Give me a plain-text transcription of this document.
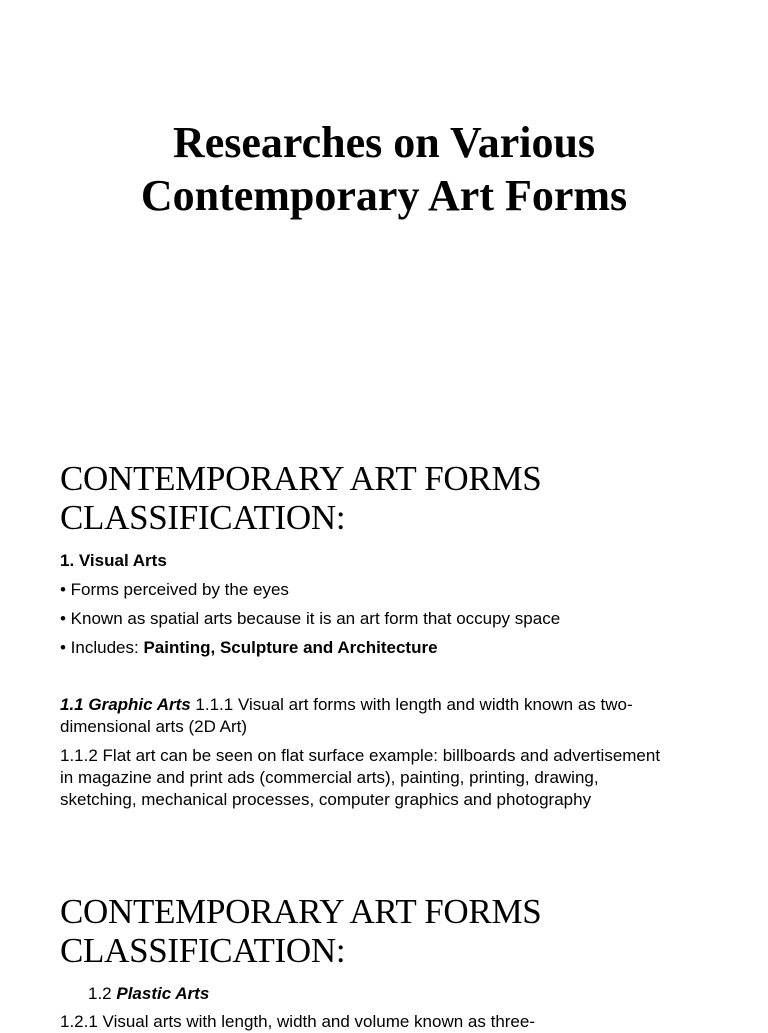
Researches on Various
Contemporary Art Forms
CONTEMPORARY ART FORMS
CLASSIFICATION:
1. Visual Arts
• Forms perceived by the eyes
• Known as spatial arts because it is an art form that occupy space
• Includes: Painting, Sculpture and Architecture
1.1 Graphic Arts 1.1.1 Visual art forms with length and width known as two-
dimensional arts (2D Art)
1.1.2 Flat art can be seen on flat surface example: billboards and advertisement
in magazine and print ads (commercial arts), painting, printing, drawing,
sketching, mechanical processes, computer graphics and photography
CONTEMPORARY ART FORMS
CLASSIFICATION:
1.2 Plastic Arts
1.2.1 Visual arts with length, width and volume known as three-
